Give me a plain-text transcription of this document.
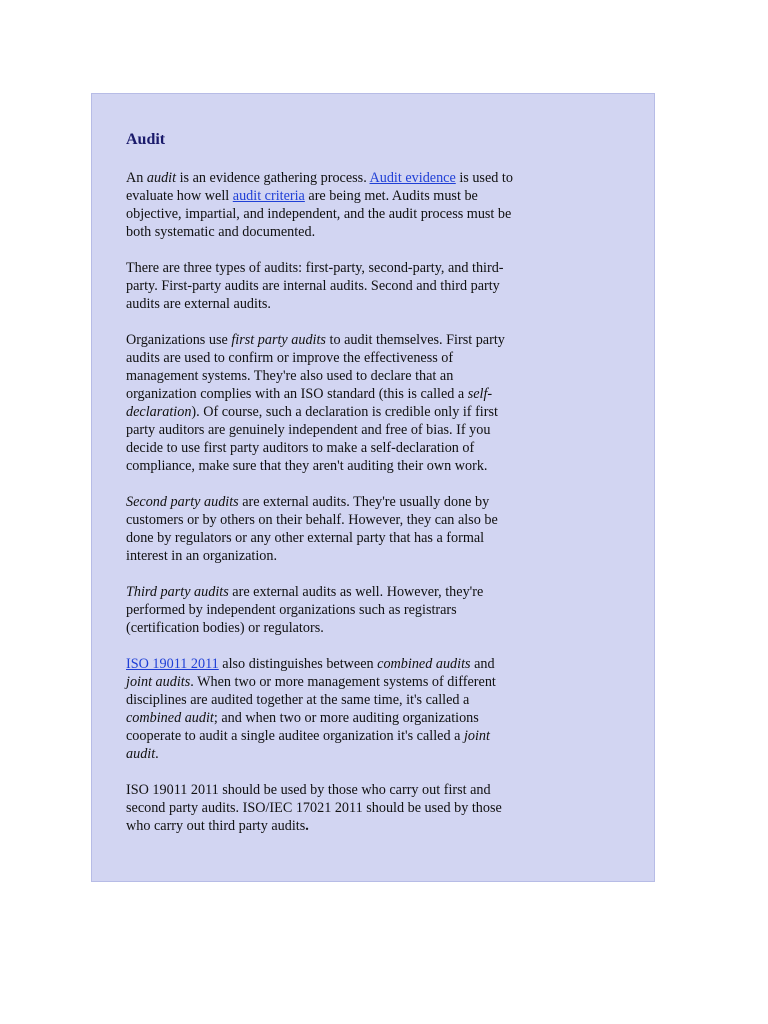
Audit

An audit is an evidence gathering process. Audit evidence is used to evaluate how well audit criteria are being met. Audits must be objective, impartial, and independent, and the audit process must be both systematic and documented.

There are three types of audits: first-party, second-party, and third-party. First-party audits are internal audits. Second and third party audits are external audits.

Organizations use first party audits to audit themselves. First party audits are used to confirm or improve the effectiveness of management systems. They're also used to declare that an organization complies with an ISO standard (this is called a self-declaration). Of course, such a declaration is credible only if first party auditors are genuinely independent and free of bias. If you decide to use first party auditors to make a self-declaration of compliance, make sure that they aren't auditing their own work.

Second party audits are external audits. They're usually done by customers or by others on their behalf. However, they can also be done by regulators or any other external party that has a formal interest in an organization.

Third party audits are external audits as well. However, they're performed by independent organizations such as registrars (certification bodies) or regulators.

ISO 19011 2011 also distinguishes between combined audits and joint audits. When two or more management systems of different disciplines are audited together at the same time, it's called a combined audit; and when two or more auditing organizations cooperate to audit a single auditee organization it's called a joint audit.

ISO 19011 2011 should be used by those who carry out first and second party audits. ISO/IEC 17021 2011 should be used by those who carry out third party audits.
